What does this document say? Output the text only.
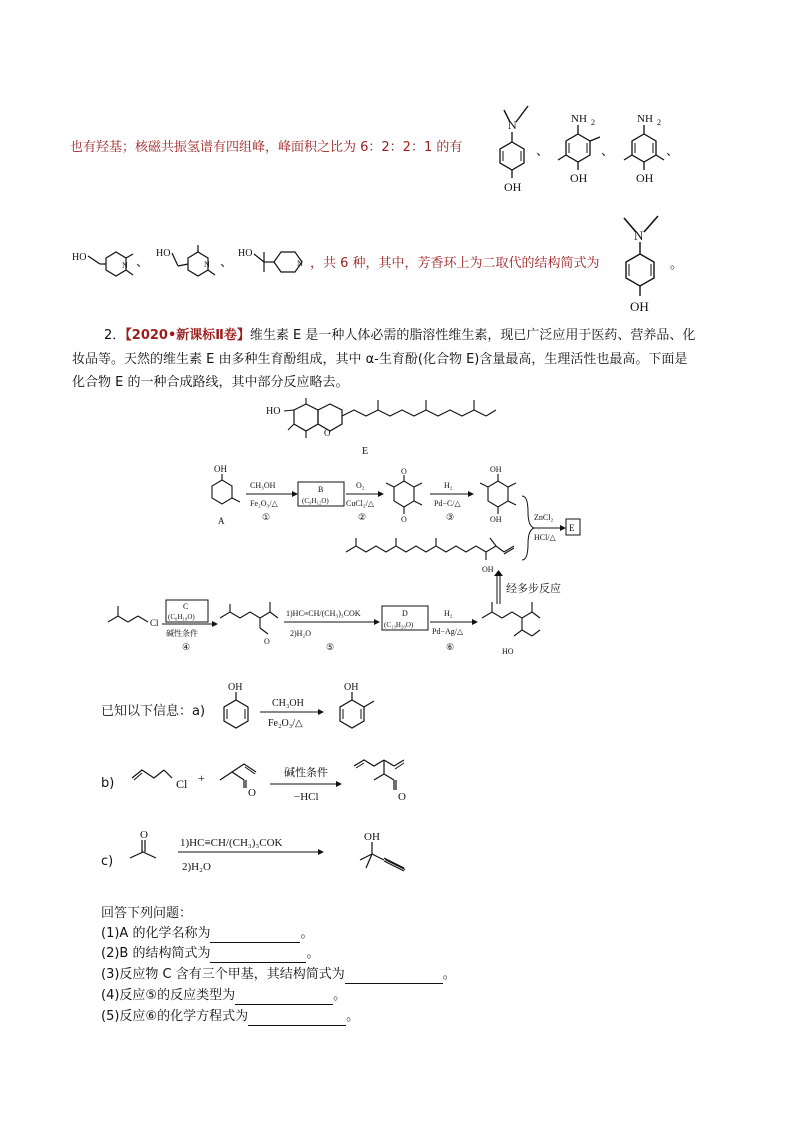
也有羟基；核磁共振氢谱有四组峰，峰面积之比为 6：2：2：1 的有
N
OH
、
NH 2
OH
、
NH 2
OH
、
HO
N 、
HO
N 、
HO
N ，共 6 种，其中，芳香环上为二取代的结构简式为
N
OH
。
2．【2020•新课标Ⅱ卷】维生素 E 是一种人体必需的脂溶性维生素，现已广泛应用于医药、营养品、化
妆品等。天然的维生素 E 由多种生育酚组成，其中 α-生育酚(化合物 E)含量最高，生理活性也最高。下面是
化合物 E 的一种合成路线，其中部分反应略去。
HO
O
E
OH
A
CH₃OH
Fe₂O₃/△
①
B
(C₉H₁₂O)
O₂
CuCl₂/△
②
O
O
H₂
Pd−C/△
③
OH
OH	ZnCl₂
HCl/△
E
OH
经多步反应
Cl
C
(C₆H₁₀O)
碱性条件
④
O
1)HC≡CH/(CH₃)₃COK
2)H₂O
⑤
D
(C₁₃H₂₀O)
H₂
Pd−Ag/△
⑥	HO
已知以下信息：a)
OH
CH₃OH
Fe₂O₃/△
OH
b)	Cl +
O
碱性条件
−HCl	O
c)
O
1)HC≡CH/(CH₃)₃COK
2)H₂O
OH
回答下列问题：
(1)A 的化学名称为	。
(2)B 的结构简式为	。
(3)反应物 C 含有三个甲基，其结构简式为	。
(4)反应⑤的反应类型为	。
(5)反应⑥的化学方程式为	。
